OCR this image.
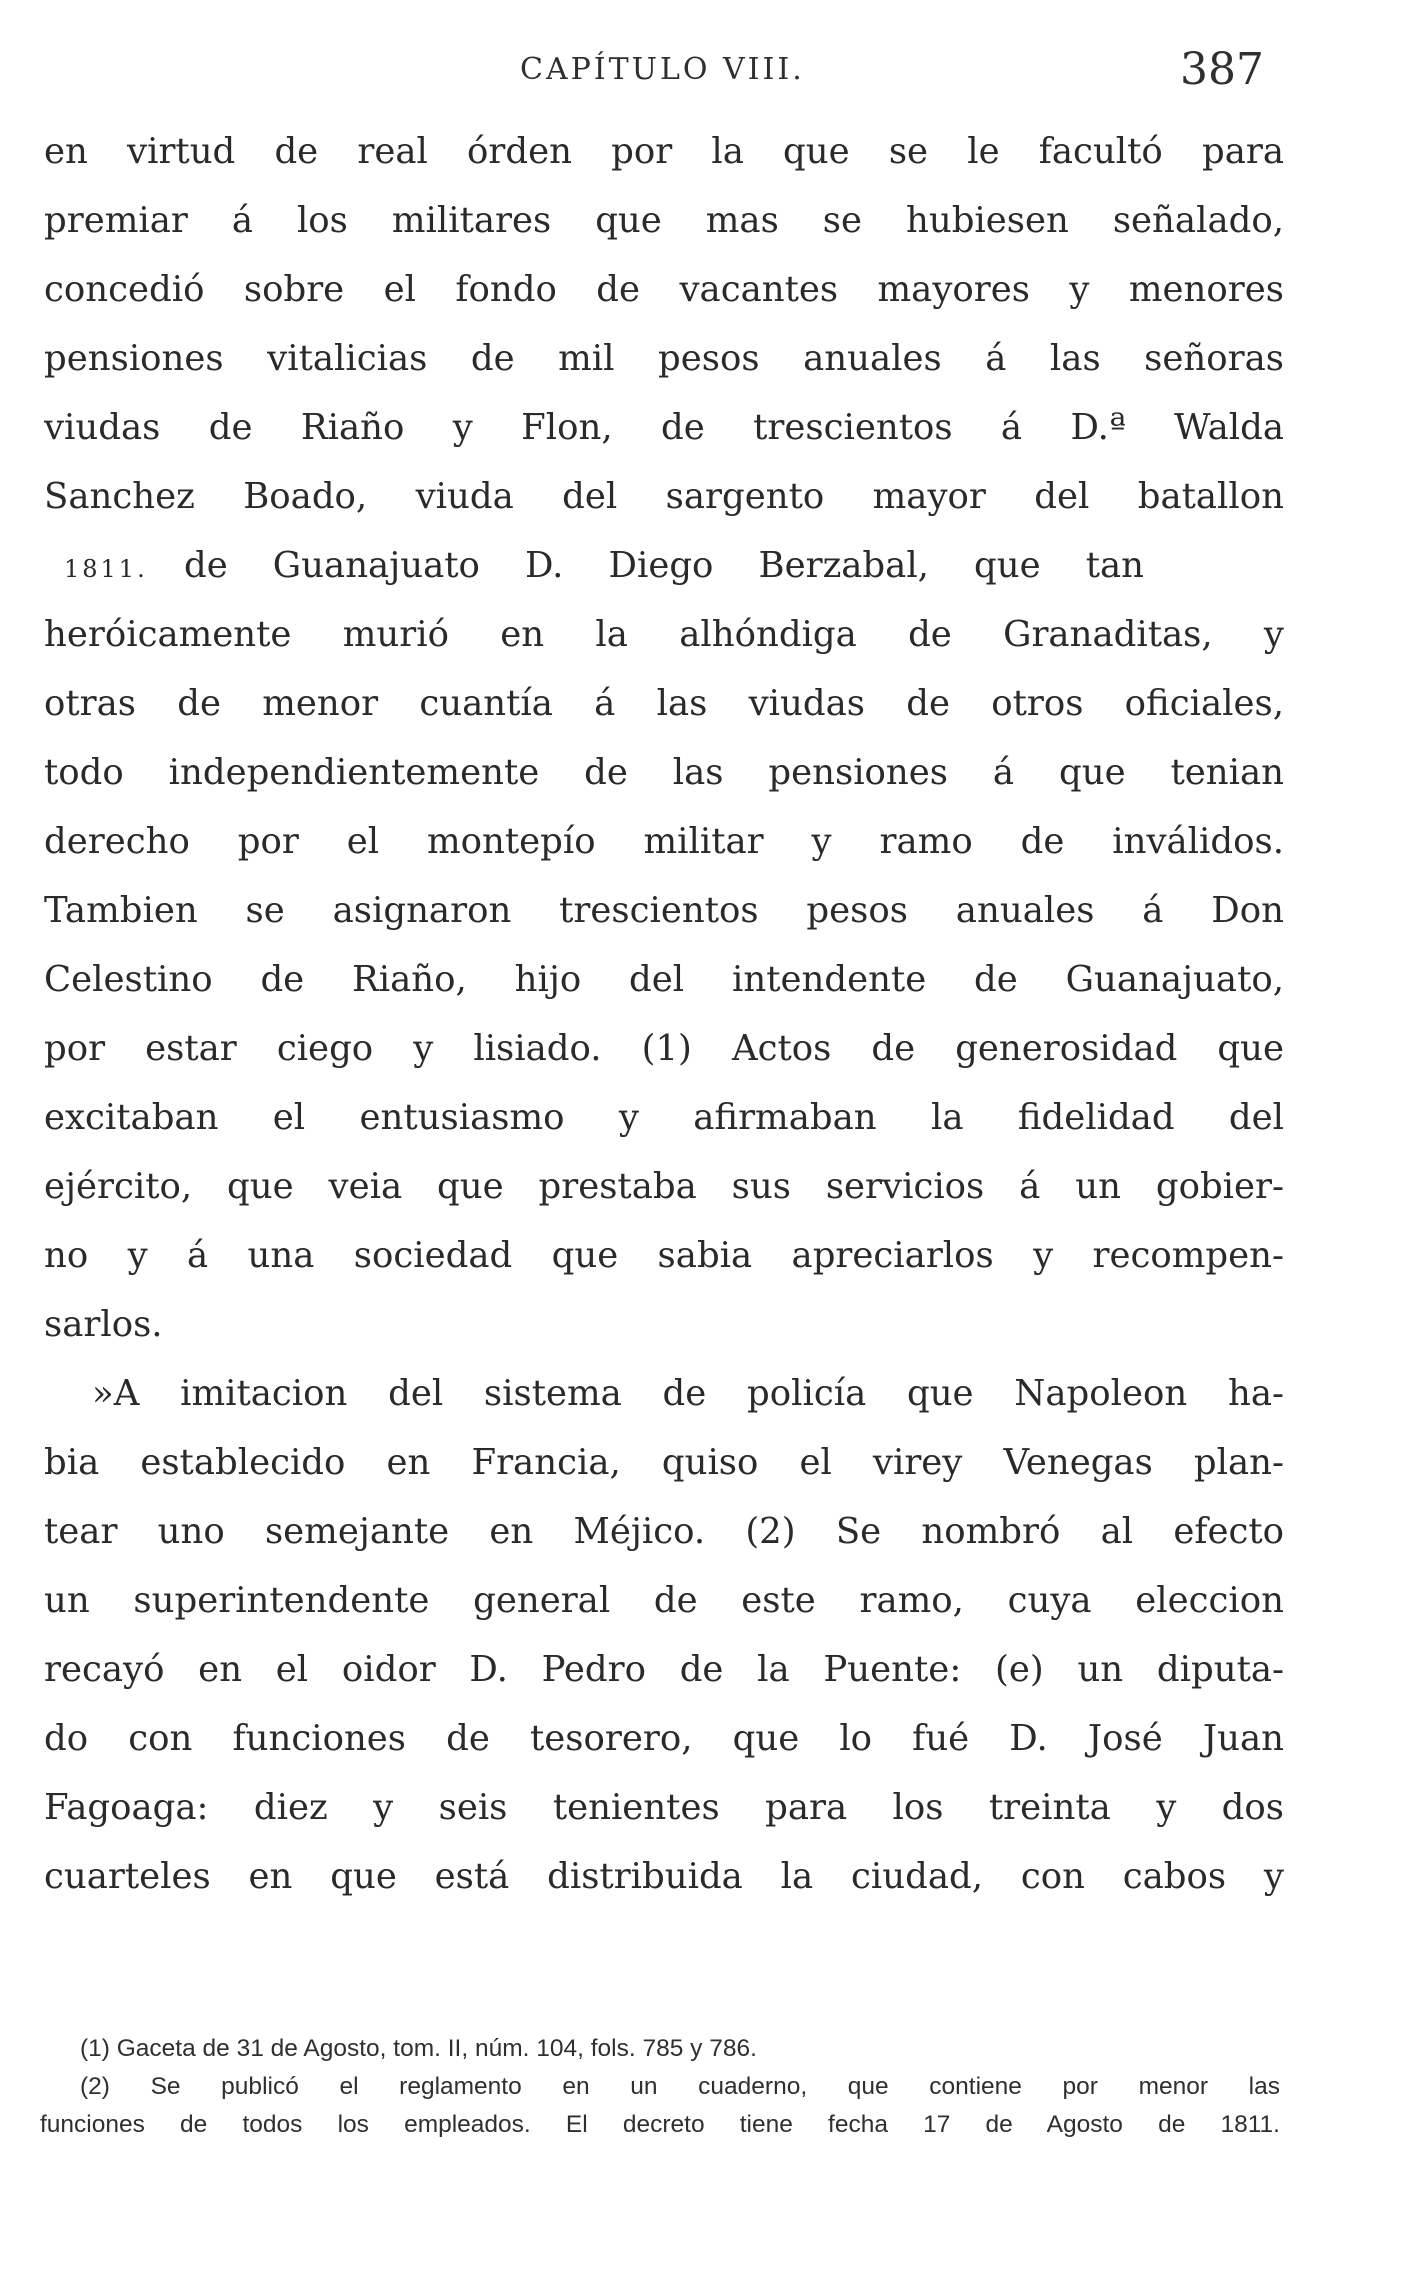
CAPÍTULO VIII.	387
en virtud de real órden por la que se le facultó para
premiar á los militares que mas se hubiesen señalado,
concedió sobre el fondo de vacantes mayores y menores
pensiones vitalicias de mil pesos anuales á las señoras
viudas de Riaño y Flon, de trescientos á D.ª Walda
Sanchez Boado, viuda del sargento mayor del batallon
1811. de Guanajuato D. Diego Berzabal, que tan
heróicamente murió en la alhóndiga de Granaditas, y
otras de menor cuantía á las viudas de otros oficiales,
todo independientemente de las pensiones á que tenian
derecho por el montepío militar y ramo de inválidos.
Tambien se asignaron trescientos pesos anuales á Don
Celestino de Riaño, hijo del intendente de Guanajuato,
por estar ciego y lisiado. (1) Actos de generosidad que
excitaban el entusiasmo y afirmaban la fidelidad del
ejército, que veia que prestaba sus servicios á un gobier-
no y á una sociedad que sabia apreciarlos y recompen-
sarlos.
»A imitacion del sistema de policía que Napoleon ha-
bia establecido en Francia, quiso el virey Venegas plan-
tear uno semejante en Méjico. (2) Se nombró al efecto
un superintendente general de este ramo, cuya eleccion
recayó en el oidor D. Pedro de la Puente: (e) un diputa-
do con funciones de tesorero, que lo fué D. José Juan
Fagoaga: diez y seis tenientes para los treinta y dos
cuarteles en que está distribuida la ciudad, con cabos y
(1) Gaceta de 31 de Agosto, tom. II, núm. 104, fols. 785 y 786.
(2) Se publicó el reglamento en un cuaderno, que contiene por menor las
funciones de todos los empleados. El decreto tiene fecha 17 de Agosto de 1811.
